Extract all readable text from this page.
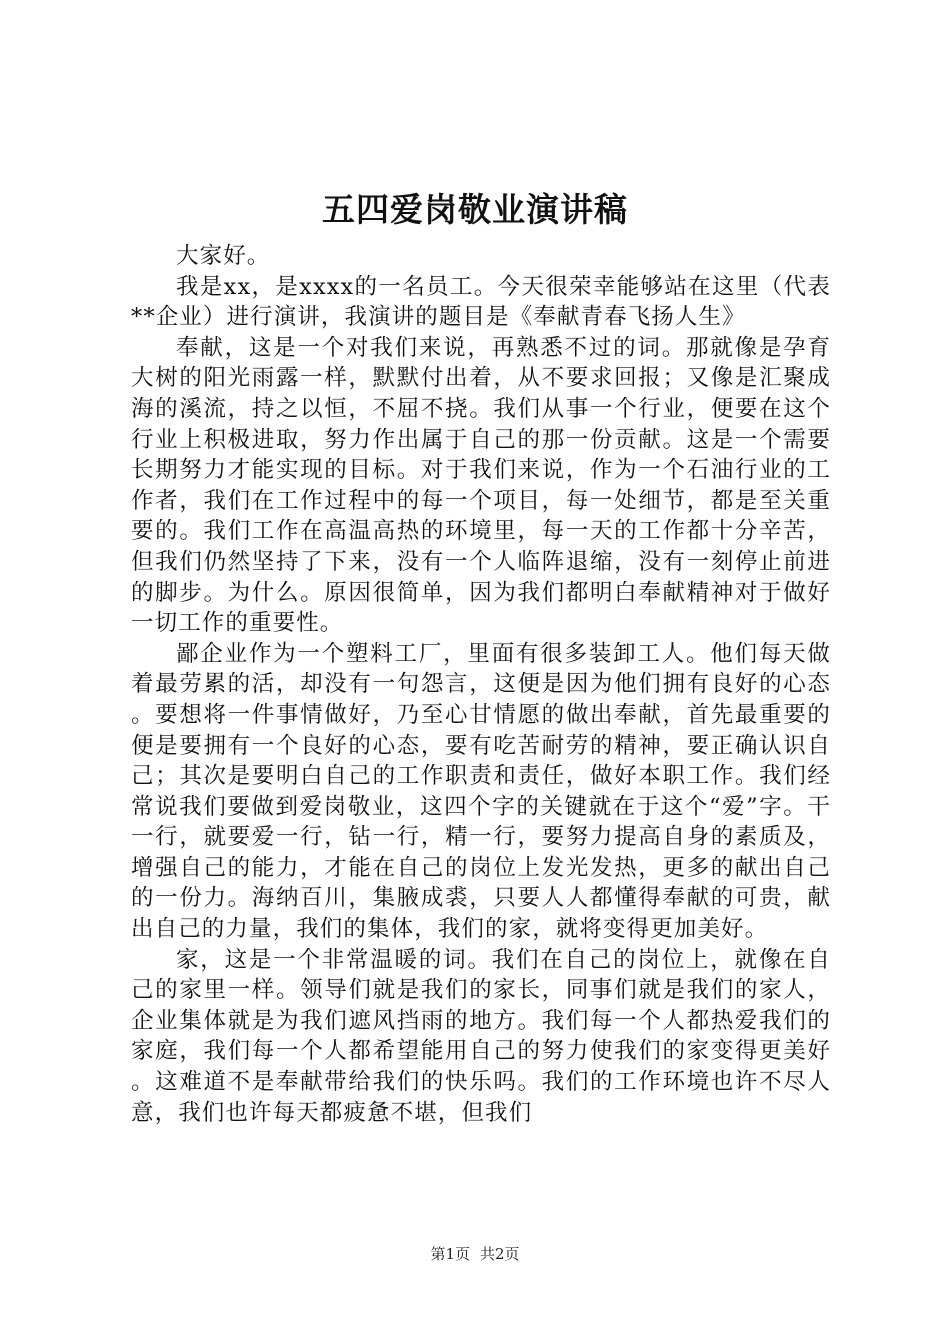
五四爱岗敬业演讲稿

大家好。

我是xx，是xxxx的一名员工。今天很荣幸能够站在这里（代表**企业）进行演讲，我演讲的题目是《奉献青春飞扬人生》

奉献，这是一个对我们来说，再熟悉不过的词。那就像是孕育大树的阳光雨露一样，默默付出着，从不要求回报；又像是汇聚成海的溪流，持之以恒，不屈不挠。我们从事一个行业，便要在这个行业上积极进取，努力作出属于自己的那一份贡献。这是一个需要长期努力才能实现的目标。对于我们来说，作为一个石油行业的工作者，我们在工作过程中的每一个项目，每一处细节，都是至关重要的。我们工作在高温高热的环境里，每一天的工作都十分辛苦，但我们仍然坚持了下来，没有一个人临阵退缩，没有一刻停止前进的脚步。为什么。原因很简单，因为我们都明白奉献精神对于做好一切工作的重要性。

鄙企业作为一个塑料工厂，里面有很多装卸工人。他们每天做着最劳累的活，却没有一句怨言，这便是因为他们拥有良好的心态。要想将一件事情做好，乃至心甘情愿的做出奉献，首先最重要的便是要拥有一个良好的心态，要有吃苦耐劳的精神，要正确认识自己；其次是要明白自己的工作职责和责任，做好本职工作。我们经常说我们要做到爱岗敬业，这四个字的关键就在于这个“爱”字。干一行，就要爱一行，钻一行，精一行，要努力提高自身的素质及，增强自己的能力，才能在自己的岗位上发光发热，更多的献出自己的一份力。海纳百川，集腋成裘，只要人人都懂得奉献的可贵，献出自己的力量，我们的集体，我们的家，就将变得更加美好。

家，这是一个非常温暖的词。我们在自己的岗位上，就像在自己的家里一样。领导们就是我们的家长，同事们就是我们的家人，企业集体就是为我们遮风挡雨的地方。我们每一个人都热爱我们的家庭，我们每一个人都希望能用自己的努力使我们的家变得更美好。这难道不是奉献带给我们的快乐吗。我们的工作环境也许不尽人意，我们也许每天都疲惫不堪，但我们

第1页 共2页
